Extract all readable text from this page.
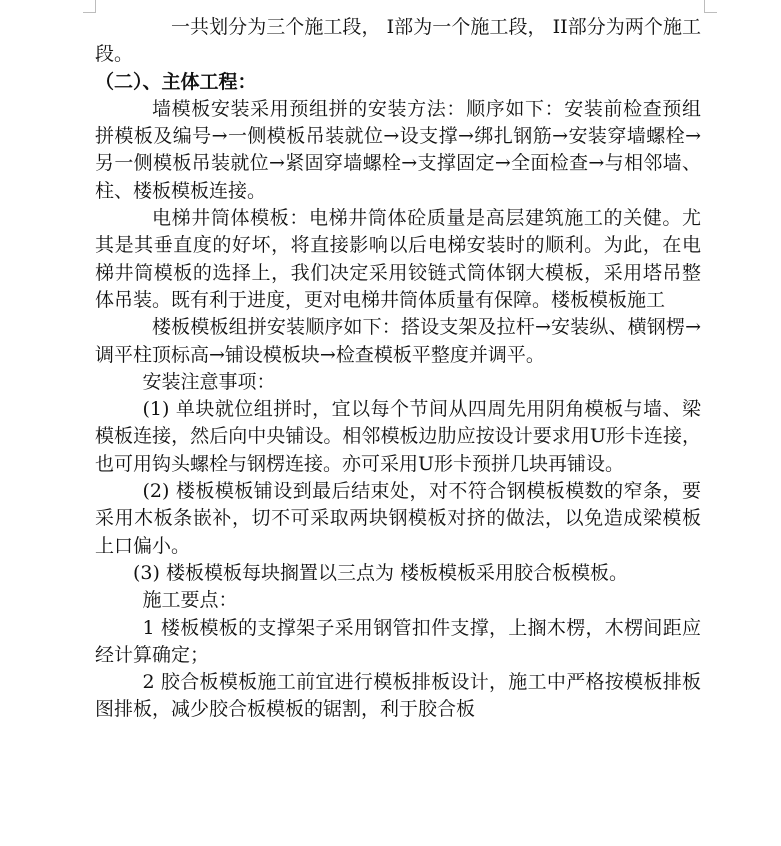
一共划分为三个施工段， I部为一个施工段， II部分为两个施工段。

（二）、主体工程：

墙模板安装采用预组拼的安装方法：顺序如下：安装前检查预组拼模板及编号→一侧模板吊装就位→设支撑→绑扎钢筋→安装穿墙螺栓→另一侧模板吊装就位→紧固穿墙螺栓→支撑固定→全面检查→与相邻墙、柱、楼板模板连接。

电梯井筒体模板：电梯井筒体砼质量是高层建筑施工的关健。尤其是其垂直度的好坏，将直接影响以后电梯安装时的顺利。为此，在电梯井筒模板的选择上，我们决定采用铰链式筒体钢大模板，采用塔吊整体吊装。既有利于进度，更对电梯井筒体质量有保障。楼板模板施工

楼板模板组拼安装顺序如下：搭设支架及拉杆→安装纵、横钢楞→调平柱顶标高→铺设模板块→检查模板平整度并调平。

安装注意事项：

(1) 单块就位组拼时，宜以每个节间从四周先用阴角模板与墙、梁模板连接，然后向中央铺设。相邻模板边肋应按设计要求用U形卡连接，也可用钩头螺栓与钢楞连接。亦可采用U形卡预拼几块再铺设。

(2) 楼板模板铺设到最后结束处，对不符合钢模板模数的窄条，要采用木板条嵌补，切不可采取两块钢模板对挤的做法，以免造成梁模板上口偏小。

(3) 楼板模板每块搁置以三点为 楼板模板采用胶合板模板。

施工要点：

1 楼板模板的支撑架子采用钢管扣件支撑，上搁木楞，木楞间距应经计算确定；

2 胶合板模板施工前宜进行模板排板设计，施工中严格按模板排板图排板，减少胶合板模板的锯割，利于胶合板
